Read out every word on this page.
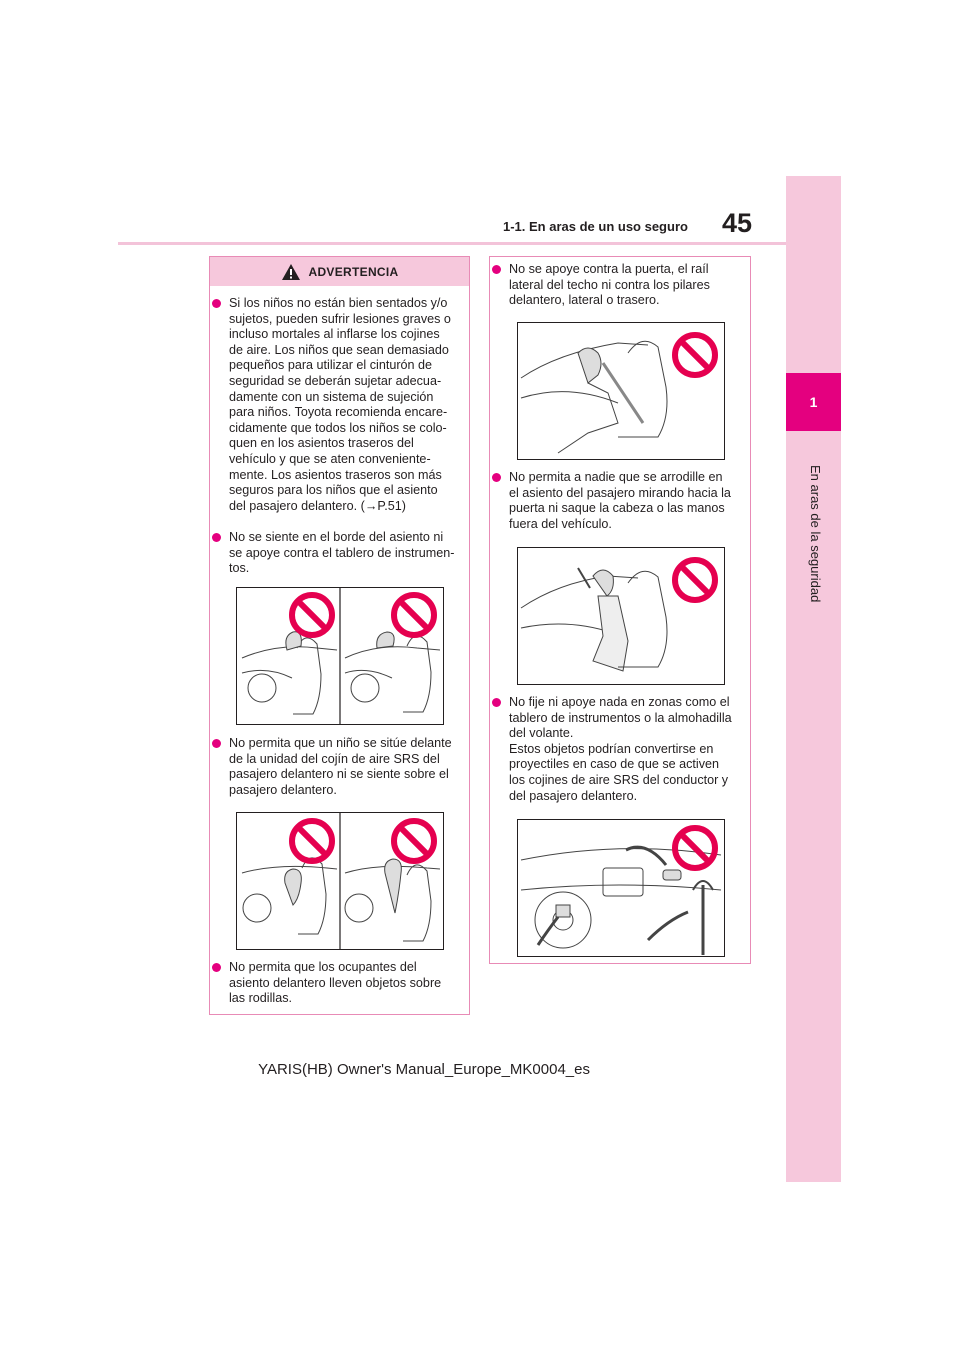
1-1. En aras de un uso seguro 45
1
En aras de la seguridad
ADVERTENCIA
Si los niños no están bien sentados y/o
sujetos, pueden sufrir lesiones graves o
incluso mortales al inflarse los cojines
de aire. Los niños que sean demasiado
pequeños para utilizar el cinturón de
seguridad se deberán sujetar adecua-
damente con un sistema de sujeción
para niños. Toyota recomienda encare-
cidamente que todos los niños se colo-
quen en los asientos traseros del
vehículo y que se aten conveniente-
mente. Los asientos traseros son más
seguros para los niños que el asiento
del pasajero delantero. (→P.51)
No se siente en el borde del asiento ni
se apoye contra el tablero de instrumen-
tos.
No permita que un niño se sitúe delante
de la unidad del cojín de aire SRS del
pasajero delantero ni se siente sobre el
pasajero delantero.
No permita que los ocupantes del
asiento delantero lleven objetos sobre
las rodillas.
No se apoye contra la puerta, el raíl
lateral del techo ni contra los pilares
delantero, lateral o trasero.
No permita a nadie que se arrodille en
el asiento del pasajero mirando hacia la
puerta ni saque la cabeza o las manos
fuera del vehículo.
No fije ni apoye nada en zonas como el
tablero de instrumentos o la almohadilla
del volante.
Estos objetos podrían convertirse en
proyectiles en caso de que se activen
los cojines de aire SRS del conductor y
del pasajero delantero.
YARIS(HB) Owner's Manual_Europe_MK0004_es
